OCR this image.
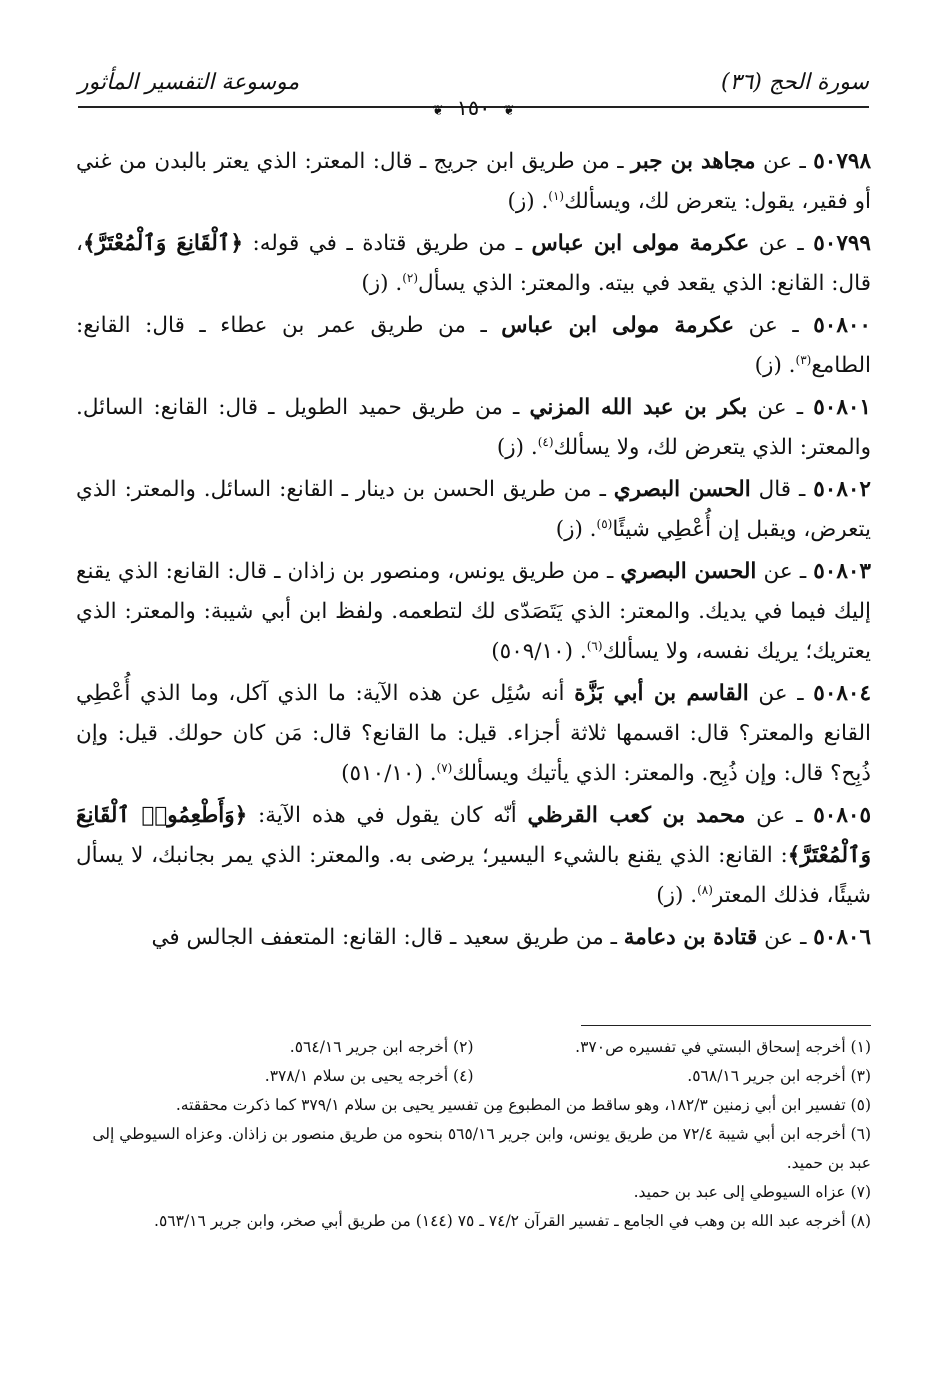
سورة الحج (٣٦)
موسوعة التفسير المأثور
❦ ١٥٠ ❦

٥٠٧٩٨ ـ عن مجاهد بن جبر ـ من طريق ابن جريج ـ قال: المعتر: الذي يعتر بالبدن من غني أو فقير، يقول: يتعرض لك، ويسألك$^{(١)}$. (ز)

٥٠٧٩٩ ـ عن عكرمة مولى ابن عباس ـ من طريق قتادة ـ في قوله: ﴿ٱلْقَانِعَ وَٱلْمُعْتَرَّ﴾، قال: القانع: الذي يقعد في بيته. والمعتر: الذي يسأل$^{(٢)}$. (ز)

٥٠٨٠٠ ـ عن عكرمة مولى ابن عباس ـ من طريق عمر بن عطاء ـ قال: القانع: الطامع$^{(٣)}$. (ز)

٥٠٨٠١ ـ عن بكر بن عبد الله المزني ـ من طريق حميد الطويل ـ قال: القانع: السائل. والمعتر: الذي يتعرض لك، ولا يسألك$^{(٤)}$. (ز)

٥٠٨٠٢ ـ قال الحسن البصري ـ من طريق الحسن بن دينار ـ القانع: السائل. والمعتر: الذي يتعرض، ويقبل إن أُعْطِي شيئًا$^{(٥)}$. (ز)

٥٠٨٠٣ ـ عن الحسن البصري ـ من طريق يونس، ومنصور بن زاذان ـ قال: القانع: الذي يقنع إليك فيما في يديك. والمعتر: الذي يَتَصَدّى لك لتطعمه. ولفظ ابن أبي شيبة: والمعتر: الذي يعتريك؛ يريك نفسه، ولا يسألك$^{(٦)}$. (٥٠٩/١٠)

٥٠٨٠٤ ـ عن القاسم بن أبي بَزَّة أنه سُئِل عن هذه الآية: ما الذي آكل، وما الذي أُعْطِي القانع والمعتر؟ قال: اقسمها ثلاثة أجزاء. قيل: ما القانع؟ قال: مَن كان حولك. قيل: وإن ذُبِح؟ قال: وإن ذُبِح. والمعتر: الذي يأتيك ويسألك$^{(٧)}$. (٥١٠/١٠)

٥٠٨٠٥ ـ عن محمد بن كعب القرظي أنّه كان يقول في هذه الآية: ﴿وَأَطْعِمُوا۟ ٱلْقَانِعَ وَٱلْمُعْتَرَّ﴾: القانع: الذي يقنع بالشيء اليسير؛ يرضى به. والمعتر: الذي يمر بجانبك، لا يسأل شيئًا، فذلك المعتر$^{(٨)}$. (ز)

٥٠٨٠٦ ـ عن قتادة بن دعامة ـ من طريق سعيد ـ قال: القانع: المتعفف الجالس في

(١) أخرجه إسحاق البستي في تفسيره ص٣٧٠.
(٢) أخرجه ابن جرير ٥٦٤/١٦.
(٣) أخرجه ابن جرير ٥٦٨/١٦.
(٤) أخرجه يحيى بن سلام ٣٧٨/١.
(٥) تفسير ابن أبي زمنين ١٨٢/٣، وهو ساقط من المطبوع مِن تفسير يحيى بن سلام ٣٧٩/١ كما ذكرت محققته.
(٦) أخرجه ابن أبي شيبة ٧٢/٤ من طريق يونس، وابن جرير ٥٦٥/١٦ بنحوه من طريق منصور بن زاذان. وعزاه السيوطي إلى عبد بن حميد.
(٧) عزاه السيوطي إلى عبد بن حميد.
(٨) أخرجه عبد الله بن وهب في الجامع ـ تفسير القرآن ٧٤/٢ ـ ٧٥ (١٤٤) من طريق أبي صخر، وابن جرير ٥٦٣/١٦.
